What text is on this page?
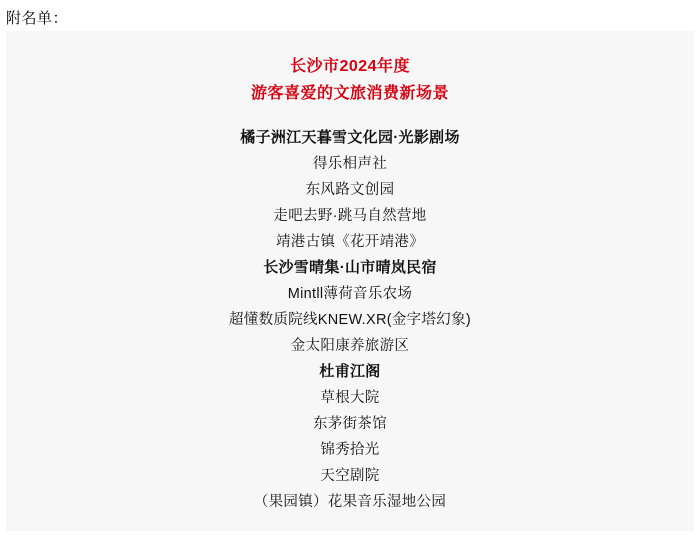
附名单：
长沙市2024年度
游客喜爱的文旅消费新场景
橘子洲江天暮雪文化园·光影剧场
得乐相声社
东风路文创园
走吧去野·跳马自然营地
靖港古镇《花开靖港》
长沙雪晴集·山市晴岚民宿
Mintll薄荷音乐农场
超懂数质院线KNEW.XR(金字塔幻象)
金太阳康养旅游区
杜甫江阁
草根大院
东茅街茶馆
锦秀拾光
天空剧院
（果园镇）花果音乐湿地公园
